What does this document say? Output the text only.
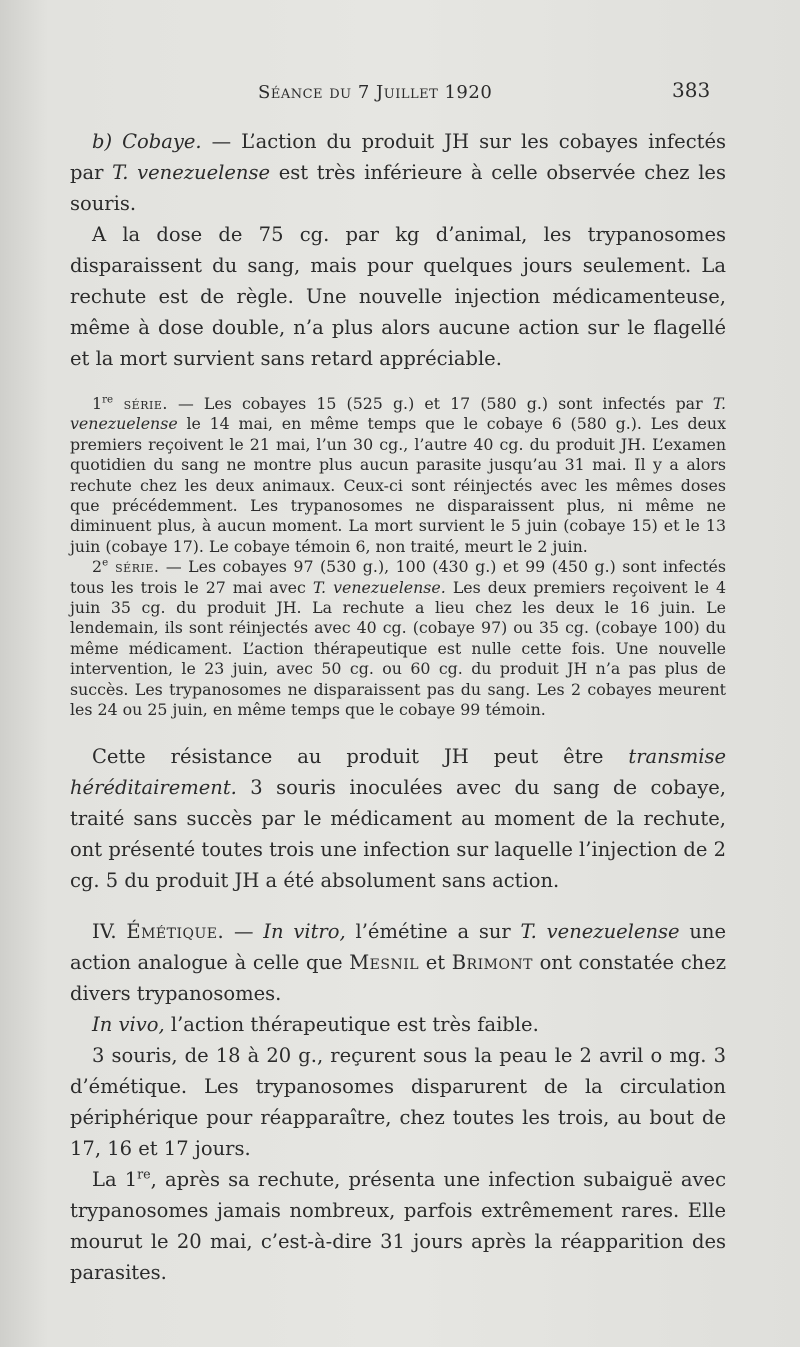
Séance du 7 Juillet 1920	383

b) Cobaye. — L’action du produit JH sur les cobayes infectés par T. venezuelense est très inférieure à celle observée chez les souris.

A la dose de 75 cg. par kg d’animal, les trypanosomes disparaissent du sang, mais pour quelques jours seulement. La rechute est de règle. Une nouvelle injection médicamenteuse, même à dose double, n’a plus alors aucune action sur le flagellé et la mort survient sans retard appréciable.

1re série. — Les cobayes 15 (525 g.) et 17 (580 g.) sont infectés par T. venezuelense le 14 mai, en même temps que le cobaye 6 (580 g.). Les deux premiers reçoivent le 21 mai, l’un 30 cg., l’autre 40 cg. du produit JH. L’examen quotidien du sang ne montre plus aucun parasite jusqu’au 31 mai. Il y a alors rechute chez les deux animaux. Ceux-ci sont réinjectés avec les mêmes doses que précédemment. Les trypanosomes ne disparaissent plus, ni même ne diminuent plus, à aucun moment. La mort survient le 5 juin (cobaye 15) et le 13 juin (cobaye 17). Le cobaye témoin 6, non traité, meurt le 2 juin.

2e série. — Les cobayes 97 (530 g.), 100 (430 g.) et 99 (450 g.) sont infectés tous les trois le 27 mai avec T. venezuelense. Les deux premiers reçoivent le 4 juin 35 cg. du produit JH. La rechute a lieu chez les deux le 16 juin. Le lendemain, ils sont réinjectés avec 40 cg. (cobaye 97) ou 35 cg. (cobaye 100) du même médicament. L’action thérapeutique est nulle cette fois. Une nouvelle intervention, le 23 juin, avec 50 cg. ou 60 cg. du produit JH n’a pas plus de succès. Les trypanosomes ne disparaissent pas du sang. Les 2 cobayes meurent les 24 ou 25 juin, en même temps que le cobaye 99 témoin.

Cette résistance au produit JH peut être transmise héréditairement. 3 souris inoculées avec du sang de cobaye, traité sans succès par le médicament au moment de la rechute, ont présenté toutes trois une infection sur laquelle l’injection de 2 cg. 5 du produit JH a été absolument sans action.

IV. Émétique. — In vitro, l’émétine a sur T. venezuelense une action analogue à celle que Mesnil et Brimont ont constatée chez divers trypanosomes.

In vivo, l’action thérapeutique est très faible.

3 souris, de 18 à 20 g., reçurent sous la peau le 2 avril o mg. 3 d’émétique. Les trypanosomes disparurent de la circulation périphérique pour réapparaître, chez toutes les trois, au bout de 17, 16 et 17 jours.

La 1re, après sa rechute, présenta une infection subaiguë avec trypanosomes jamais nombreux, parfois extrêmement rares. Elle mourut le 20 mai, c’est-à-dire 31 jours après la réapparition des parasites.
